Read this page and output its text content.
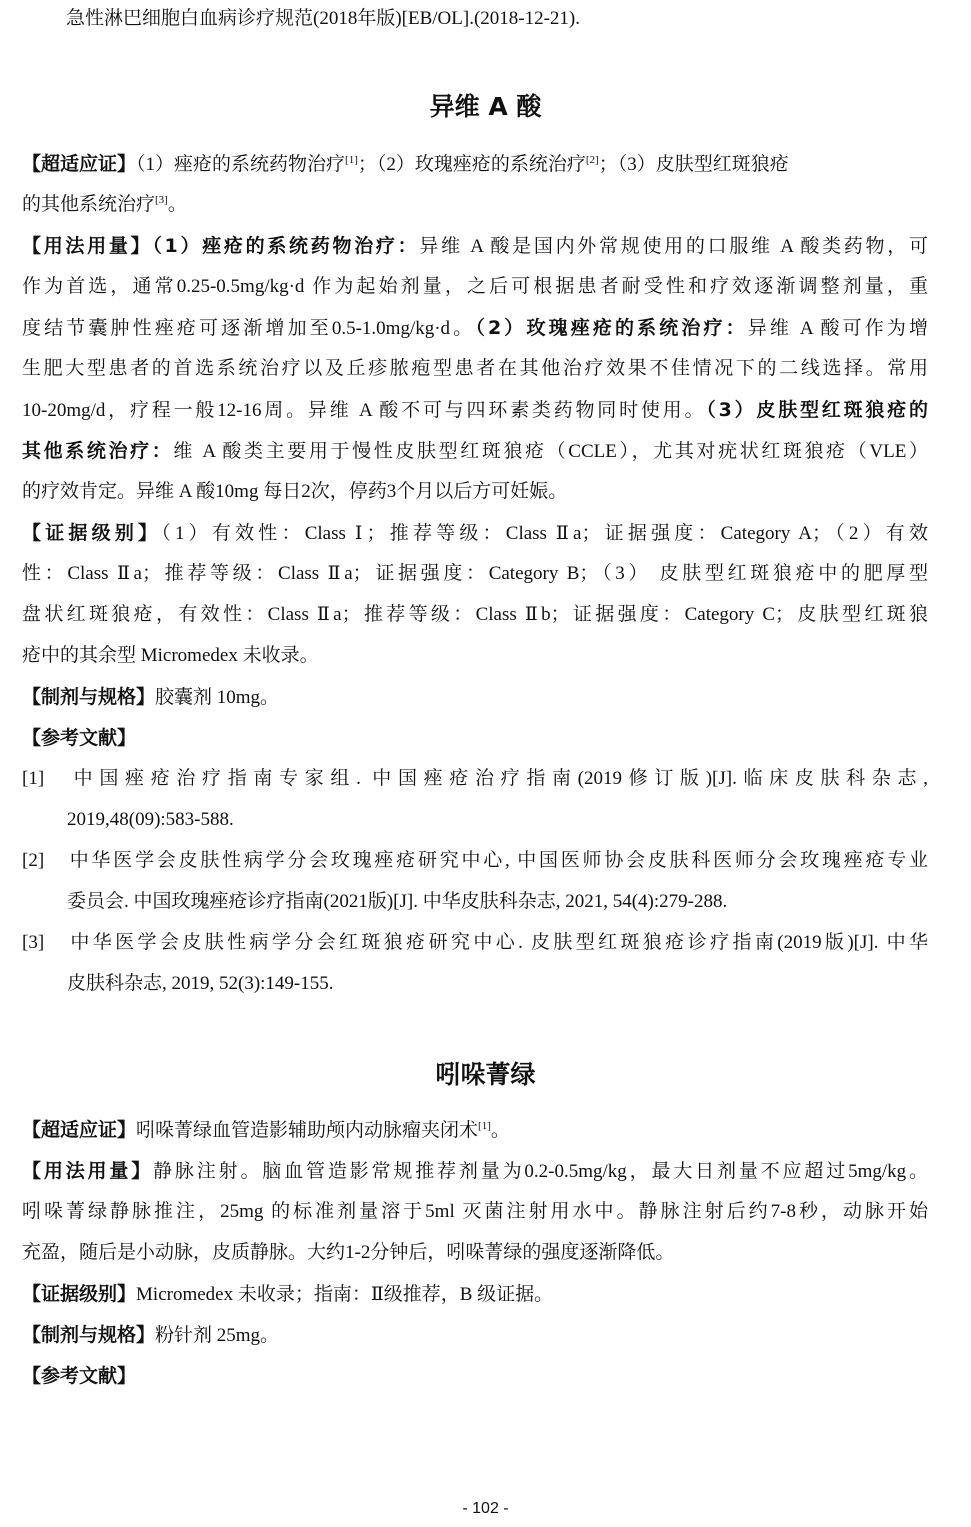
急性淋巴细胞白血病诊疗规范(2018年版)[EB/OL].(2018-12-21).
异维 A 酸
【超适应证】（1）痤疮的系统药物治疗[1]；（2）玫瑰痤疮的系统治疗[2]；（3）皮肤型红斑狼疮
的其他系统治疗[3]。
【用法用量】（1）痤疮的系统药物治疗：异维 A 酸是国内外常规使用的口服维 A 酸类药物，可
作为首选，通常0.25-0.5mg/kg·d 作为起始剂量，之后可根据患者耐受性和疗效逐渐调整剂量，重
度结节囊肿性痤疮可逐渐增加至0.5-1.0mg/kg·d。（2）玫瑰痤疮的系统治疗：异维 A 酸可作为增
生肥大型患者的首选系统治疗以及丘疹脓疱型患者在其他治疗效果不佳情况下的二线选择。常用
10-20mg/d，疗程一般12-16周。异维 A 酸不可与四环素类药物同时使用。（3）皮肤型红斑狼疮的
其他系统治疗：维 A 酸类主要用于慢性皮肤型红斑狼疮（CCLE），尤其对疣状红斑狼疮（VLE）
的疗效肯定。异维 A 酸10mg 每日2次，停药3个月以后方可妊娠。
【证据级别】（1）有效性：Class Ⅰ；推荐等级：Class Ⅱa；证据强度：Category A；（2）有效
性：Class Ⅱa；推荐等级：Class Ⅱa；证据强度：Category B；（3） 皮肤型红斑狼疮中的肥厚型
盘状红斑狼疮，有效性：Class Ⅱa；推荐等级：Class Ⅱb；证据强度：Category C；皮肤型红斑狼
疮中的其余型 Micromedex 未收录。
【制剂与规格】胶囊剂 10mg。
【参考文献】
[1] 中国痤疮治疗指南专家组. 中国痤疮治疗指南(2019修订版)[J].临床皮肤科杂志,
2019,48(09):583-588.
[2] 中华医学会皮肤性病学分会玫瑰痤疮研究中心, 中国医师协会皮肤科医师分会玫瑰痤疮专业
委员会. 中国玫瑰痤疮诊疗指南(2021版)[J]. 中华皮肤科杂志, 2021, 54(4):279-288.
[3] 中华医学会皮肤性病学分会红斑狼疮研究中心. 皮肤型红斑狼疮诊疗指南(2019版)[J]. 中华
皮肤科杂志, 2019, 52(3):149-155.
吲哚菁绿
【超适应证】吲哚菁绿血管造影辅助颅内动脉瘤夹闭术[1]。
【用法用量】静脉注射。脑血管造影常规推荐剂量为0.2-0.5mg/kg，最大日剂量不应超过5mg/kg。
吲哚菁绿静脉推注，25mg 的标准剂量溶于5ml 灭菌注射用水中。静脉注射后约7-8秒，动脉开始
充盈，随后是小动脉，皮质静脉。大约1-2分钟后，吲哚菁绿的强度逐渐降低。
【证据级别】Micromedex 未收录；指南：Ⅱ级推荐，B 级证据。
【制剂与规格】粉针剂 25mg。
【参考文献】
- 102 -
